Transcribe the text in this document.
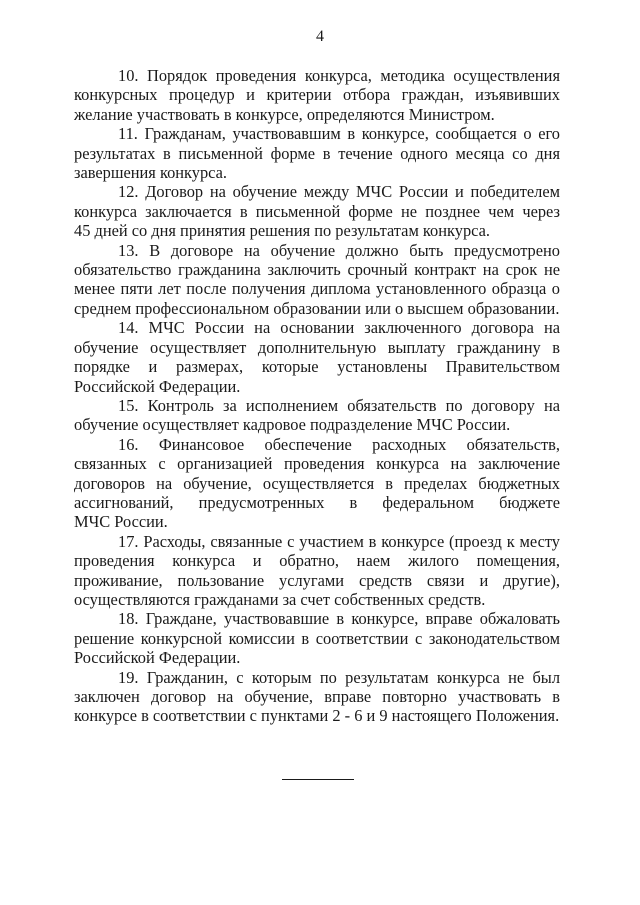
4

10. Порядок проведения конкурса, методика осуществления
конкурсных процедур и критерии отбора граждан, изъявивших
желание участвовать в конкурсе, определяются Министром.

11. Гражданам, участвовавшим в конкурсе, сообщается о его
результатах в письменной форме в течение одного месяца со дня
завершения конкурса.

12. Договор на обучение между МЧС России и победителем
конкурса заключается в письменной форме не позднее чем через
45 дней со дня принятия решения по результатам конкурса.

13. В договоре на обучение должно быть предусмотрено
обязательство гражданина заключить срочный контракт на срок не
менее пяти лет после получения диплома установленного образца о
среднем профессиональном образовании или о высшем образовании.

14. МЧС России на основании заключенного договора на
обучение осуществляет дополнительную выплату гражданину в
порядке и размерах, которые установлены Правительством
Российской Федерации.

15. Контроль за исполнением обязательств по договору на
обучение осуществляет кадровое подразделение МЧС России.

16. Финансовое обеспечение расходных обязательств,
связанных с организацией проведения конкурса на заключение
договоров на обучение, осуществляется в пределах бюджетных
ассигнований, предусмотренных в федеральном бюджете
МЧС России.

17. Расходы, связанные с участием в конкурсе (проезд к месту
проведения конкурса и обратно, наем жилого помещения,
проживание, пользование услугами средств связи и другие),
осуществляются гражданами за счет собственных средств.

18. Граждане, участвовавшие в конкурсе, вправе обжаловать
решение конкурсной комиссии в соответствии с законодательством
Российской Федерации.

19. Гражданин, с которым по результатам конкурса не был
заключен договор на обучение, вправе повторно участвовать в
конкурсе в соответствии с пунктами 2 - 6 и 9 настоящего Положения.
